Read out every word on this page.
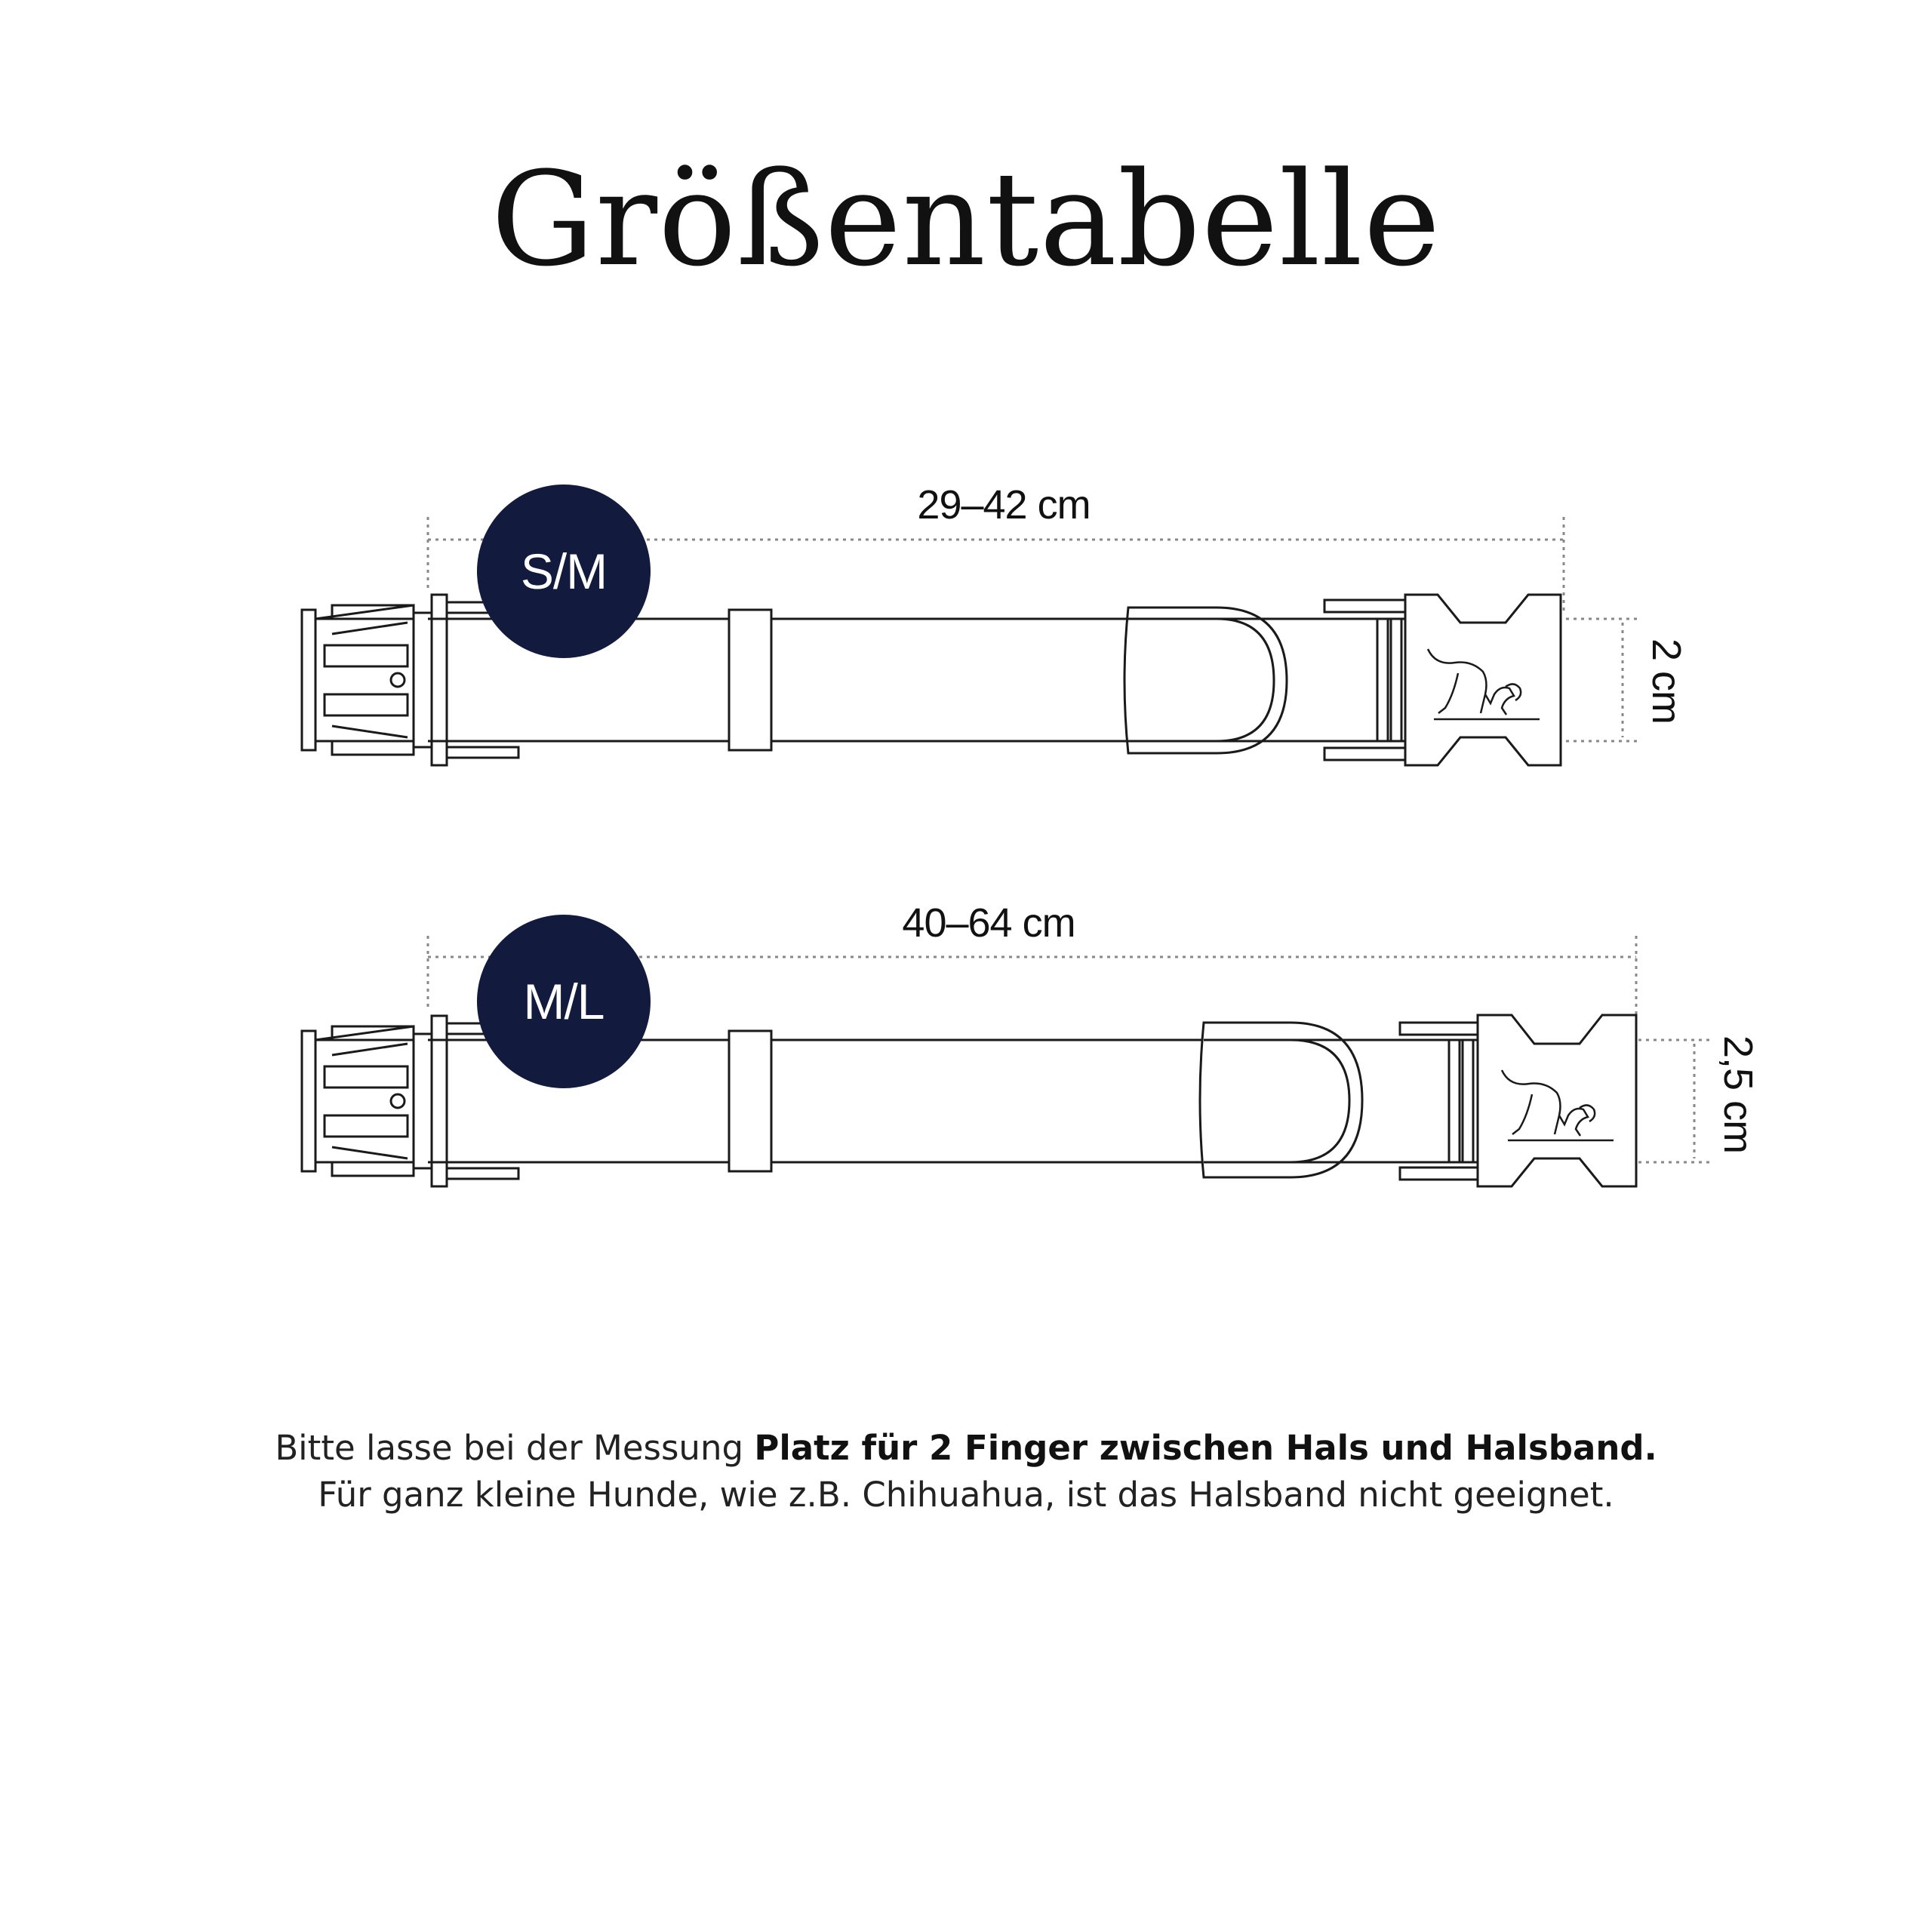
Größentabelle
29–42 cm
2 cm
S/M
40–64 cm
2,5 cm
M/L
Bitte lasse bei der Messung Platz für 2 Finger zwischen Hals und Halsband.
Für ganz kleine Hunde, wie z.B. Chihuahua, ist das Halsband nicht geeignet.
